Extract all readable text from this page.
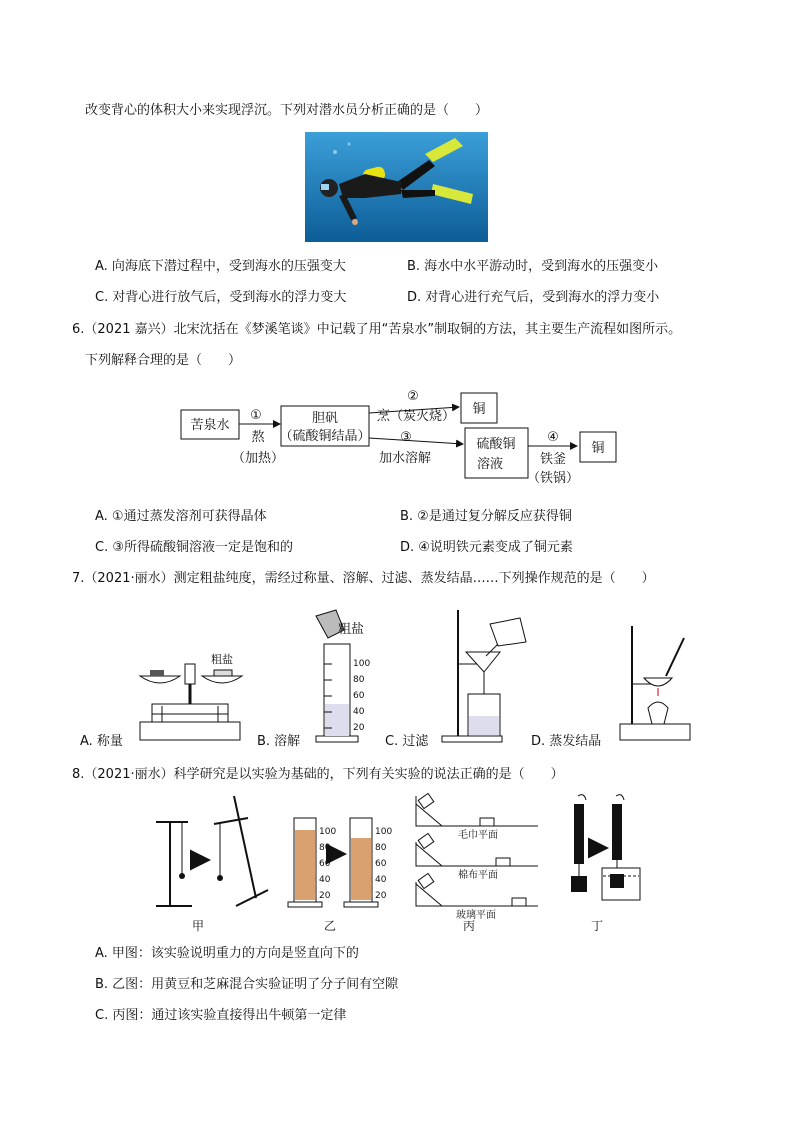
改变背心的体积大小来实现浮沉。下列对潜水员分析正确的是（　　）
A. 向海底下潜过程中，受到海水的压强变大	B. 海水中水平游动时，受到海水的压强变小
C. 对背心进行放气后，受到海水的浮力变大	D. 对背心进行充气后，受到海水的浮力变小
6.（2021 嘉兴）北宋沈括在《梦溪笔谈》中记载了用“苦泉水”制取铜的方法，其主要生产流程如图所示。
下列解释合理的是（　　）
苦泉水
①
熬
（加热）
胆矾
（硫酸铜结晶）
②
烹（炭火烧） 铜
③
加水溶解
硫酸铜
溶液
④
铁釜
（铁锅）
铜
A. ①通过蒸发溶剂可获得晶体	B. ②是通过复分解反应获得铜
C. ③所得硫酸铜溶液一定是饱和的	D. ④说明铁元素变成了铜元素
7.（2021·丽水）测定粗盐纯度，需经过称量、溶解、过滤、蒸发结晶……下列操作规范的是（　　）
粗盐
粗盐
100
80
60
40
20
A. 称量	B. 溶解	C. 过滤	D. 蒸发结晶
8.（2021·丽水）科学研究是以实验为基础的，下列有关实验的说法正确的是（　　）
甲
100
80
60
40
20
100
80
60
40
20
乙
毛巾平面
棉布平面
玻璃平面
丙	丁
A. 甲图：该实验说明重力的方向是竖直向下的
B. 乙图：用黄豆和芝麻混合实验证明了分子间有空隙
C. 丙图：通过该实验直接得出牛顿第一定律
